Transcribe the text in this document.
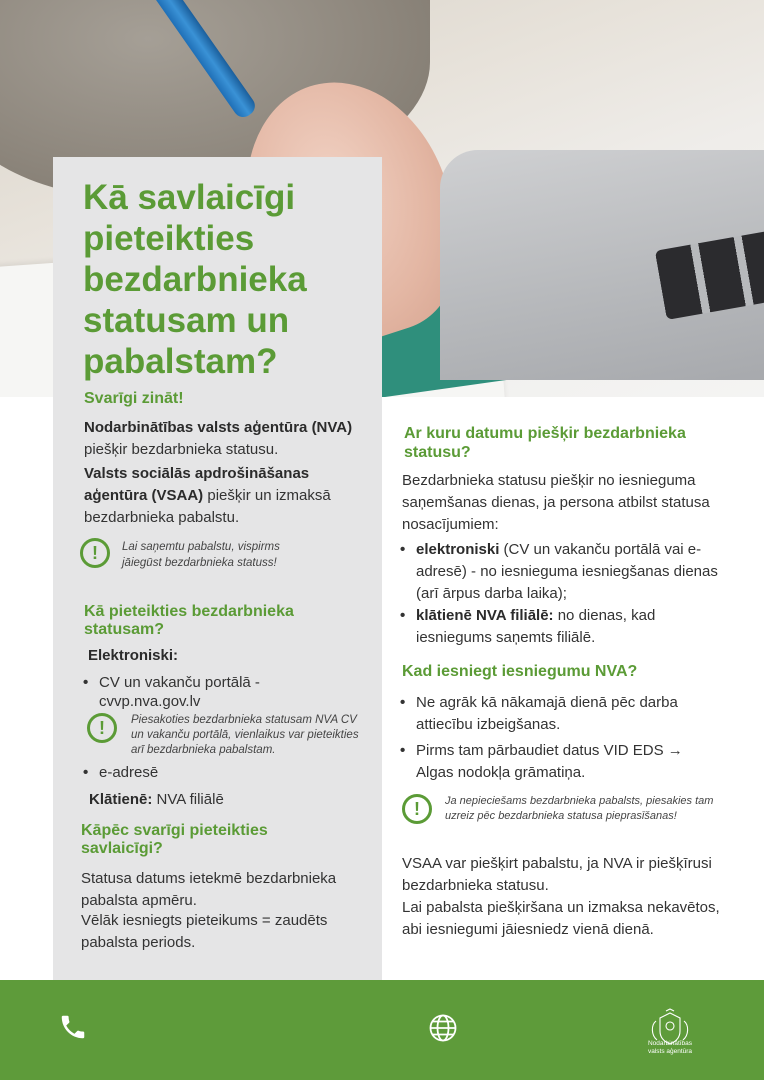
Kā savlaicīgi pieteikties bezdarbnieka statusam un pabalstam?
Svarīgi zināt!
Nodarbinātības valsts aģentūra (NVA) piešķir bezdarbnieka statusu.
Valsts sociālās apdrošināšanas aģentūra (VSAA) piešķir un izmaksā bezdarbnieka pabalstu.
!	Lai saņemtu pabalstu, vispirms jāiegūst bezdarbnieka statuss!
Kā pieteikties bezdarbnieka statusam?
Elektroniski:
• CV un vakanču portālā - cvvp.nva.gov.lv
!	Piesakoties bezdarbnieka statusam NVA CV un vakanču portālā, vienlaikus var pieteikties arī bezdarbnieka pabalstam.
• e-adresē
Klātienē: NVA filiālē
Kāpēc svarīgi pieteikties savlaicīgi?
Statusa datums ietekmē bezdarbnieka pabalsta apmēru.
Vēlāk iesniegts pieteikums = zaudēts pabalsta periods.
Ar kuru datumu piešķir bezdarbnieka statusu?
Bezdarbnieka statusu piešķir no iesnieguma saņemšanas dienas, ja persona atbilst statusa nosacījumiem:
• elektroniski (CV un vakanču portālā vai e-adresē) - no iesnieguma iesniegšanas dienas (arī ārpus darba laika);
• klātienē NVA filiālē: no dienas, kad iesniegums saņemts filiālē.
Kad iesniegt iesniegumu NVA?
• Ne agrāk kā nākamajā dienā pēc darba attiecību izbeigšanas.
• Pirms tam pārbaudiet datus VID EDS → Algas nodokļa grāmatiņa.
!	Ja nepieciešams bezdarbnieka pabalsts, piesakies tam uzreiz pēc bezdarbnieka statusa pieprasīšanas!
VSAA var piešķirt pabalstu, ja NVA ir piešķīrusi bezdarbnieka statusu.
Lai pabalsta piešķiršana un izmaksa nekavētos, abi iesniegumi jāiesniedz vienā dienā.
Nodarbinātības
valsts aģentūra
